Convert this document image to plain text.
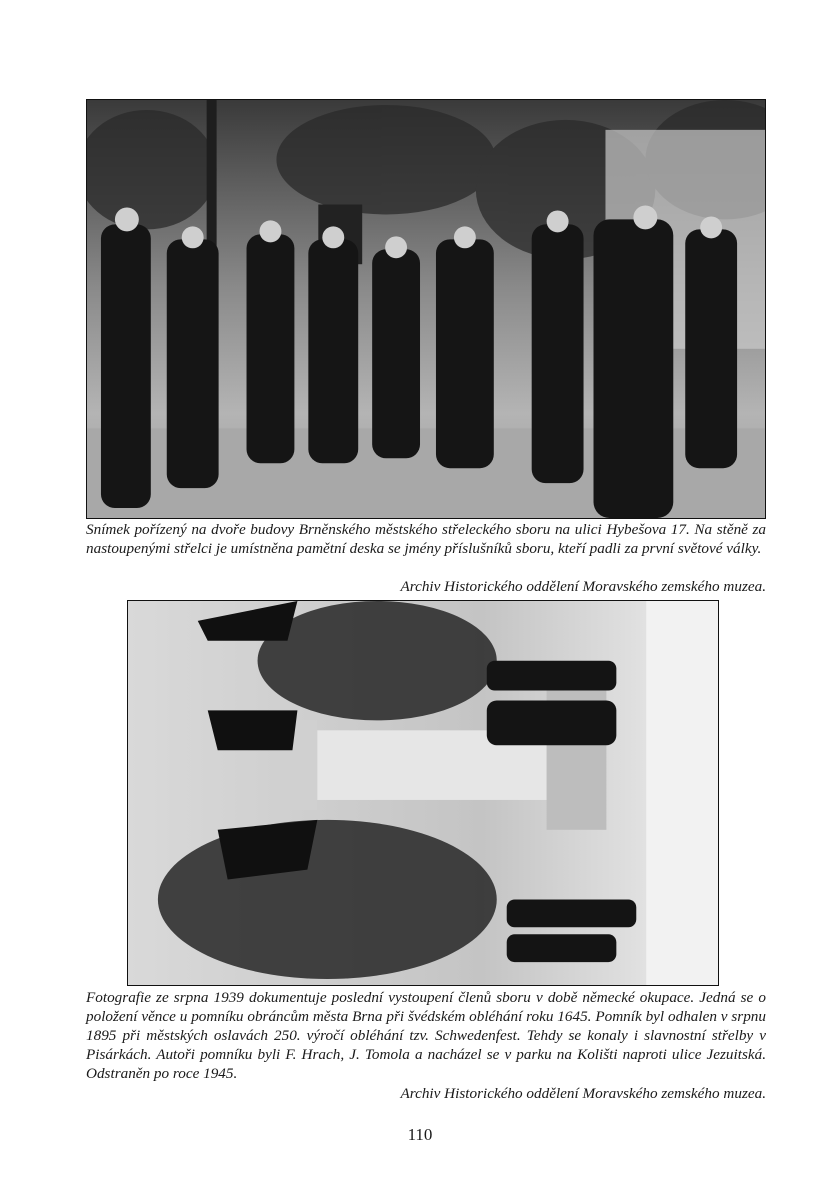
Snímek pořízený na dvoře budovy Brněnského městského střeleckého sboru na ulici Hybešova 17. Na stěně za nastoupenými střelci je umístněna pamětní deska se jmény příslušníků sboru, kteří padli za první světové války.
Archiv Historického oddělení Moravského zemského muzea.
Fotografie ze srpna 1939 dokumentuje poslední vystoupení členů sboru v době německé okupace. Jedná se o položení věnce u pomníku obráncům města Brna při švédském obléhání roku 1645. Pomník byl odhalen v srpnu 1895 při městských oslavách 250. výročí obléhání tzv. Schwedenfest. Tehdy se konaly i slavnostní střelby v Pisárkách. Autoři pomníku byli F. Hrach, J. Tomola a nacházel se v parku na Kolišti naproti ulice Jezuitská. Odstraněn po roce 1945.
Archiv Historického oddělení Moravského zemského muzea.
110
